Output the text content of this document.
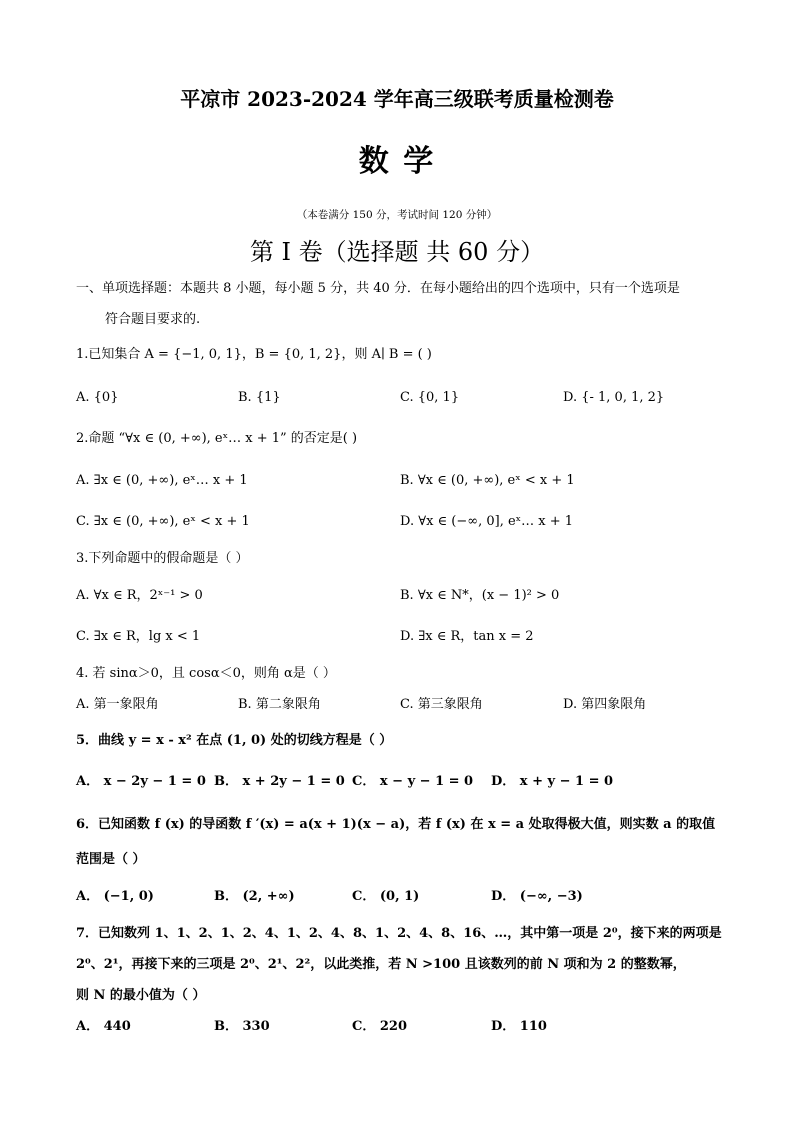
平凉市 2023-2024 学年高三级联考质量检测卷
数 学
（本卷满分 150 分，考试时间 120 分钟）
第 I 卷（选择题 共 60 分）
一、单项选择题：本题共 8 小题，每小题 5 分，共 40 分．在每小题给出的四个选项中，只有一个选项是
符合题目要求的.
1.已知集合 A = {−1, 0, 1}，B = {0, 1, 2}，则 A∣ B = ( )
A. {0}	B. {1}	C. {0, 1}	D. {- 1, 0, 1, 2}
2.命题 “∀x ∈ (0, +∞), eˣ… x + 1” 的否定是( )
A. ∃x ∈ (0, +∞), eˣ… x + 1	B. ∀x ∈ (0, +∞), eˣ < x + 1
C. ∃x ∈ (0, +∞), eˣ < x + 1	D. ∀x ∈ (−∞, 0], eˣ… x + 1
3.下列命题中的假命题是（ ）
A. ∀x ∈ R，2ˣ⁻¹ > 0	B. ∀x ∈ N*，(x − 1)² > 0
C. ∃x ∈ R，lg x < 1	D. ∃x ∈ R，tan x = 2
4. 若 sinα＞0，且 cosα＜0，则角 α是（ ）
A. 第一象限角	B. 第二象限角	C. 第三象限角	D. 第四象限角
5．曲线 y = x - x² 在点 (1, 0) 处的切线方程是（ ）
A． x − 2y − 1 = 0 B． x + 2y − 1 = 0 C． x − y − 1 = 0 D． x + y − 1 = 0
6．已知函数 f (x) 的导函数 f ′(x) = a(x + 1)(x − a)，若 f (x) 在 x = a 处取得极大值，则实数 a 的取值
范围是（ ）
A． (−1, 0)	B． (2, +∞)	C． (0, 1)	D． (−∞, −3)
7．已知数列 1、1、2、1、2、4、1、2、4、8、1、2、4、8、16、…，其中第一项是 2⁰，接下来的两项是
2⁰、2¹，再接下来的三项是 2⁰、2¹、2²，以此类推，若 N >100 且该数列的前 N 项和为 2 的整数幂，
则 N 的最小值为（ ）
A． 440	B． 330	C． 220	D． 110
